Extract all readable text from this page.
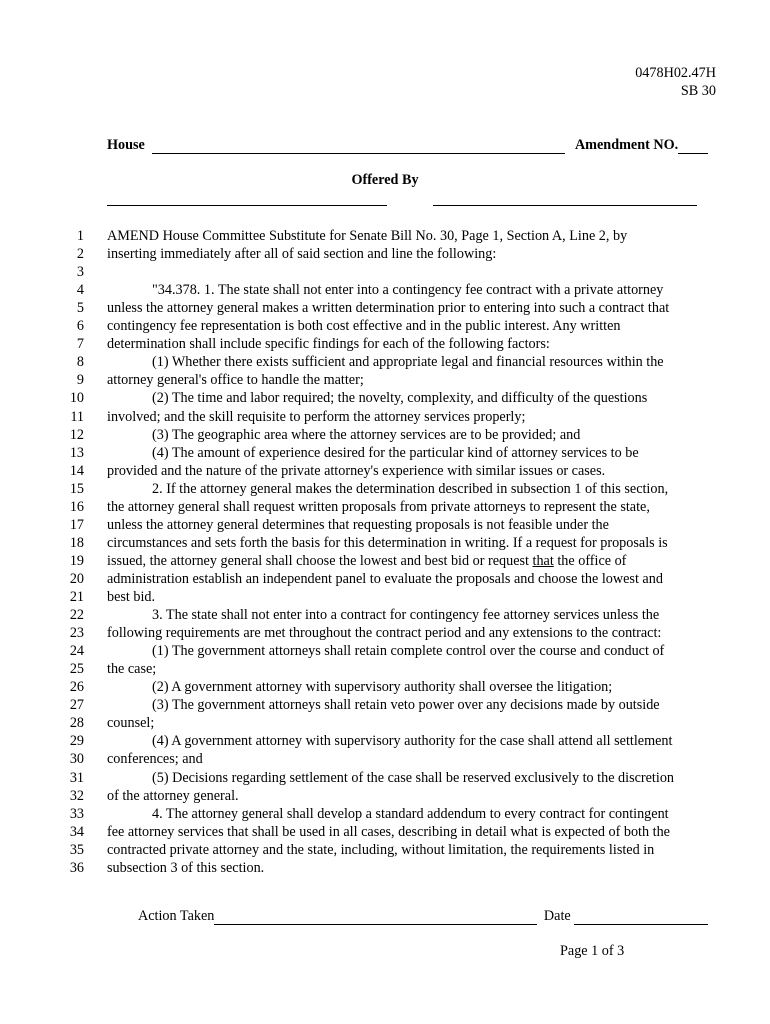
0478H02.47H
SB 30
House	Amendment NO.
Offered By
1 AMEND House Committee Substitute for Senate Bill No. 30, Page 1, Section A, Line 2, by
2 inserting immediately after all of said section and line the following:
3
4	"34.378. 1. The state shall not enter into a contingency fee contract with a private attorney
5 unless the attorney general makes a written determination prior to entering into such a contract that
6 contingency fee representation is both cost effective and in the public interest. Any written
7 determination shall include specific findings for each of the following factors:
8	(1) Whether there exists sufficient and appropriate legal and financial resources within the
9 attorney general's office to handle the matter;
10	(2) The time and labor required; the novelty, complexity, and difficulty of the questions
11 involved; and the skill requisite to perform the attorney services properly;
12	(3) The geographic area where the attorney services are to be provided; and
13	(4) The amount of experience desired for the particular kind of attorney services to be
14 provided and the nature of the private attorney's experience with similar issues or cases.
15	2. If the attorney general makes the determination described in subsection 1 of this section,
16 the attorney general shall request written proposals from private attorneys to represent the state,
17 unless the attorney general determines that requesting proposals is not feasible under the
18 circumstances and sets forth the basis for this determination in writing. If a request for proposals is
19 issued, the attorney general shall choose the lowest and best bid or request that the office of
20 administration establish an independent panel to evaluate the proposals and choose the lowest and
21 best bid.
22	3. The state shall not enter into a contract for contingency fee attorney services unless the
23 following requirements are met throughout the contract period and any extensions to the contract:
24	(1) The government attorneys shall retain complete control over the course and conduct of
25 the case;
26	(2) A government attorney with supervisory authority shall oversee the litigation;
27	(3) The government attorneys shall retain veto power over any decisions made by outside
28 counsel;
29	(4) A government attorney with supervisory authority for the case shall attend all settlement
30 conferences; and
31	(5) Decisions regarding settlement of the case shall be reserved exclusively to the discretion
32 of the attorney general.
33	4. The attorney general shall develop a standard addendum to every contract for contingent
34 fee attorney services that shall be used in all cases, describing in detail what is expected of both the
35 contracted private attorney and the state, including, without limitation, the requirements listed in
36 subsection 3 of this section.
Action Taken	Date
Page 1 of 3
